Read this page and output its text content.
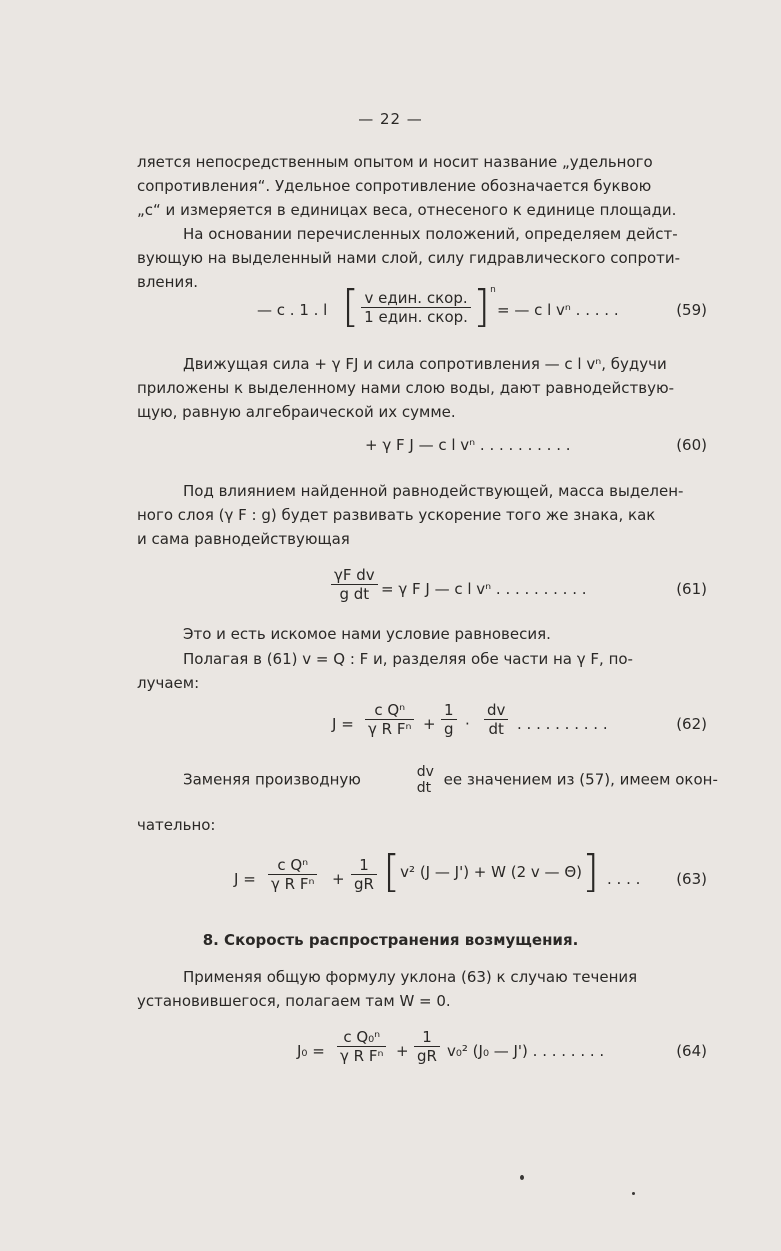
— 22 —
ляется непосредственным опытом и носит название „удельного
сопротивления“. Удельное сопротивление обозначается буквою
„с“ и измеряется в единицах веса, отнесеного к единице площади.
На основании перечисленных положений, определяем дейст-
вующую на выделенный нами слой, силу гидравлического сопроти-
вления.
— c . 1 . l [ $\frac{\text{v един. скор.}}{\text{1 един. скор.}} ]^n$
= — c l vⁿ . . . . .	(59)
Движущая сила + γ FJ и сила сопротивления — c l vⁿ, будучи
приложены к выделенному нами слою воды, дают равнодействую-
щую, равную алгебраической их сумме.
+ γ F J — c l vⁿ . . . . . . . . . .	(60)
Под влиянием найденной равнодействующей, масса выделен-
ного слоя (γ F : g) будет развивать ускорение того же знака, как
и сама равнодействующая
$\frac{\text{γF dv}}{\text{g dt}} = \gamma$ F J — c l vⁿ . . . . . . . . . .	(61)
Это и есть искомое нами условие равновесия.
Полагая в (61) v = Q : F и, разделяя обе части на γ F, по-
лучаем:
$J = \frac{\text{c Qⁿ}}{\text{γ R Fⁿ}} + \frac{1}{g} \cdot \frac{dv}{dt}$ . . . . . . . . . .	(62)
Заменяя производную	dv
dt ее значением из (57), имеем окон-
чательно:
$J = \frac{\text{c Qⁿ}}{\text{γ R Fⁿ}} + \frac{1}{gR} [v^2$ (J — J') + W (2 v — Θ)] . . . . (63)
8. Скорость распространения возмущения.
Применяя общую формулу уклона (63) к случаю течения
установившегося, полагаем там W = 0.
$J_0 = \frac{\text{c Q₀ⁿ}}{\text{γ R Fⁿ}} + \frac{1}{gR} v_0^2$ (J₀ — J') . . . . . . . .	(64)
